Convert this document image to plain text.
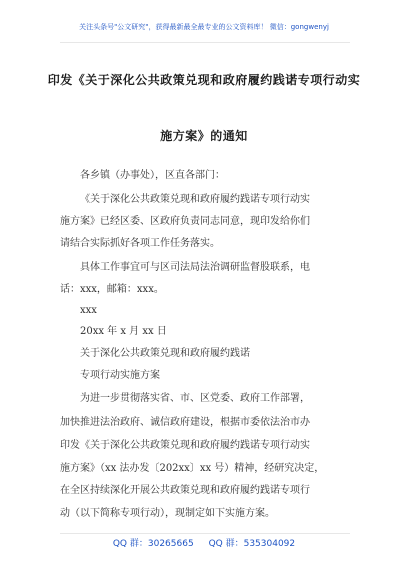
关注头条号"公文研究"，获得最新最全最专业的公文资料库！ 微信：gongwenyj
印发《关于深化公共政策兑现和政府履约践诺专项行动实
施方案》的通知
各乡镇（办事处），区直各部门：
《关于深化公共政策兑现和政府履约践诺专项行动实
施方案》已经区委、区政府负责同志同意，现印发给你们
请结合实际抓好各项工作任务落实。
具体工作事宜可与区司法局法治调研监督股联系，电
话：xxx，邮箱：xxx。
xxx
20xx 年 x 月 xx 日
关于深化公共政策兑现和政府履约践诺
专项行动实施方案
为进一步贯彻落实省、市、区党委、政府工作部署，
加快推进法治政府、诚信政府建设，根据市委依法治市办
印发《关于深化公共政策兑现和政府履约践诺专项行动实
施方案》（xx 法办发〔202xx〕xx 号）精神，经研究决定，
在全区持续深化开展公共政策兑现和政府履约践诺专项行
动（以下简称专项行动），现制定如下实施方案。
QQ 群：30265665 QQ 群：535304092
